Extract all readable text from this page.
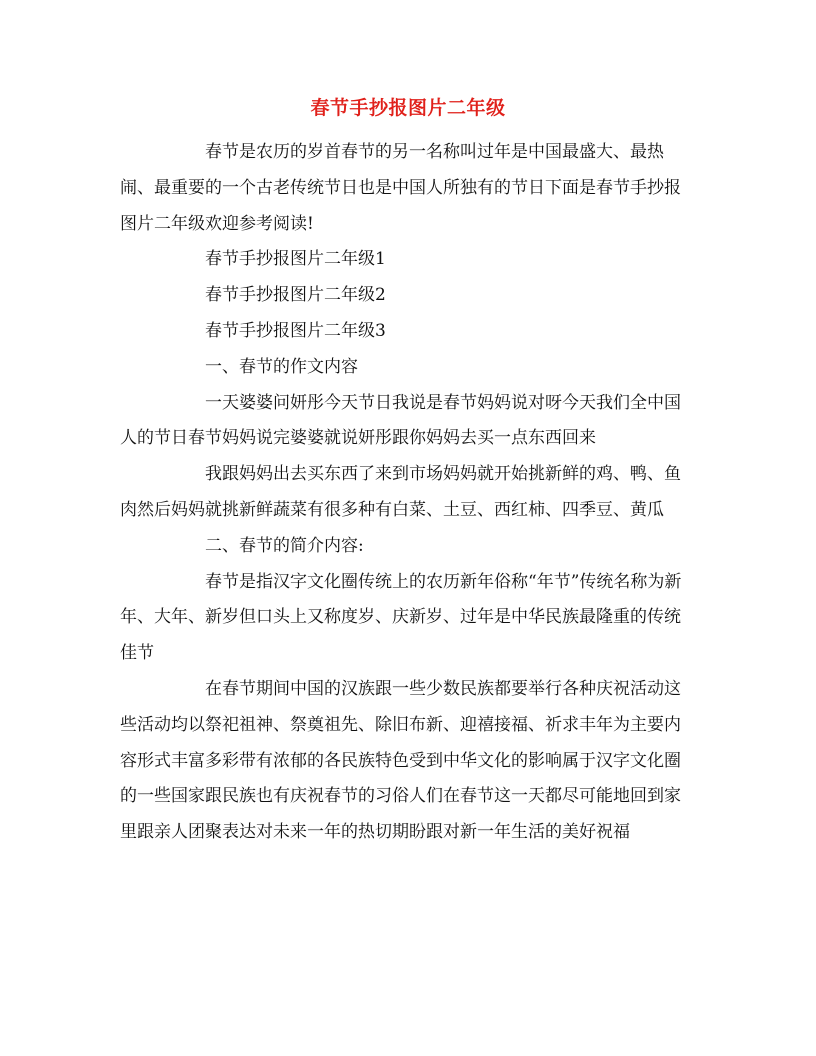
春节手抄报图片二年级

春节是农历的岁首春节的另一名称叫过年是中国最盛大、最热闹、最重要的一个古老传统节日也是中国人所独有的节日下面是春节手抄报图片二年级欢迎参考阅读!

春节手抄报图片二年级1

春节手抄报图片二年级2

春节手抄报图片二年级3

一、春节的作文内容

一天婆婆问妍彤今天节日我说是春节妈妈说对呀今天我们全中国人的节日春节妈妈说完婆婆就说妍彤跟你妈妈去买一点东西回来

我跟妈妈出去买东西了来到市场妈妈就开始挑新鲜的鸡、鸭、鱼肉然后妈妈就挑新鲜蔬菜有很多种有白菜、土豆、西红柿、四季豆、黄瓜

二、春节的简介内容:

春节是指汉字文化圈传统上的农历新年俗称“年节”传统名称为新年、大年、新岁但口头上又称度岁、庆新岁、过年是中华民族最隆重的传统佳节

在春节期间中国的汉族跟一些少数民族都要举行各种庆祝活动这些活动均以祭祀祖神、祭奠祖先、除旧布新、迎禧接福、祈求丰年为主要内容形式丰富多彩带有浓郁的各民族特色受到中华文化的影响属于汉字文化圈的一些国家跟民族也有庆祝春节的习俗人们在春节这一天都尽可能地回到家里跟亲人团聚表达对未来一年的热切期盼跟对新一年生活的美好祝福
